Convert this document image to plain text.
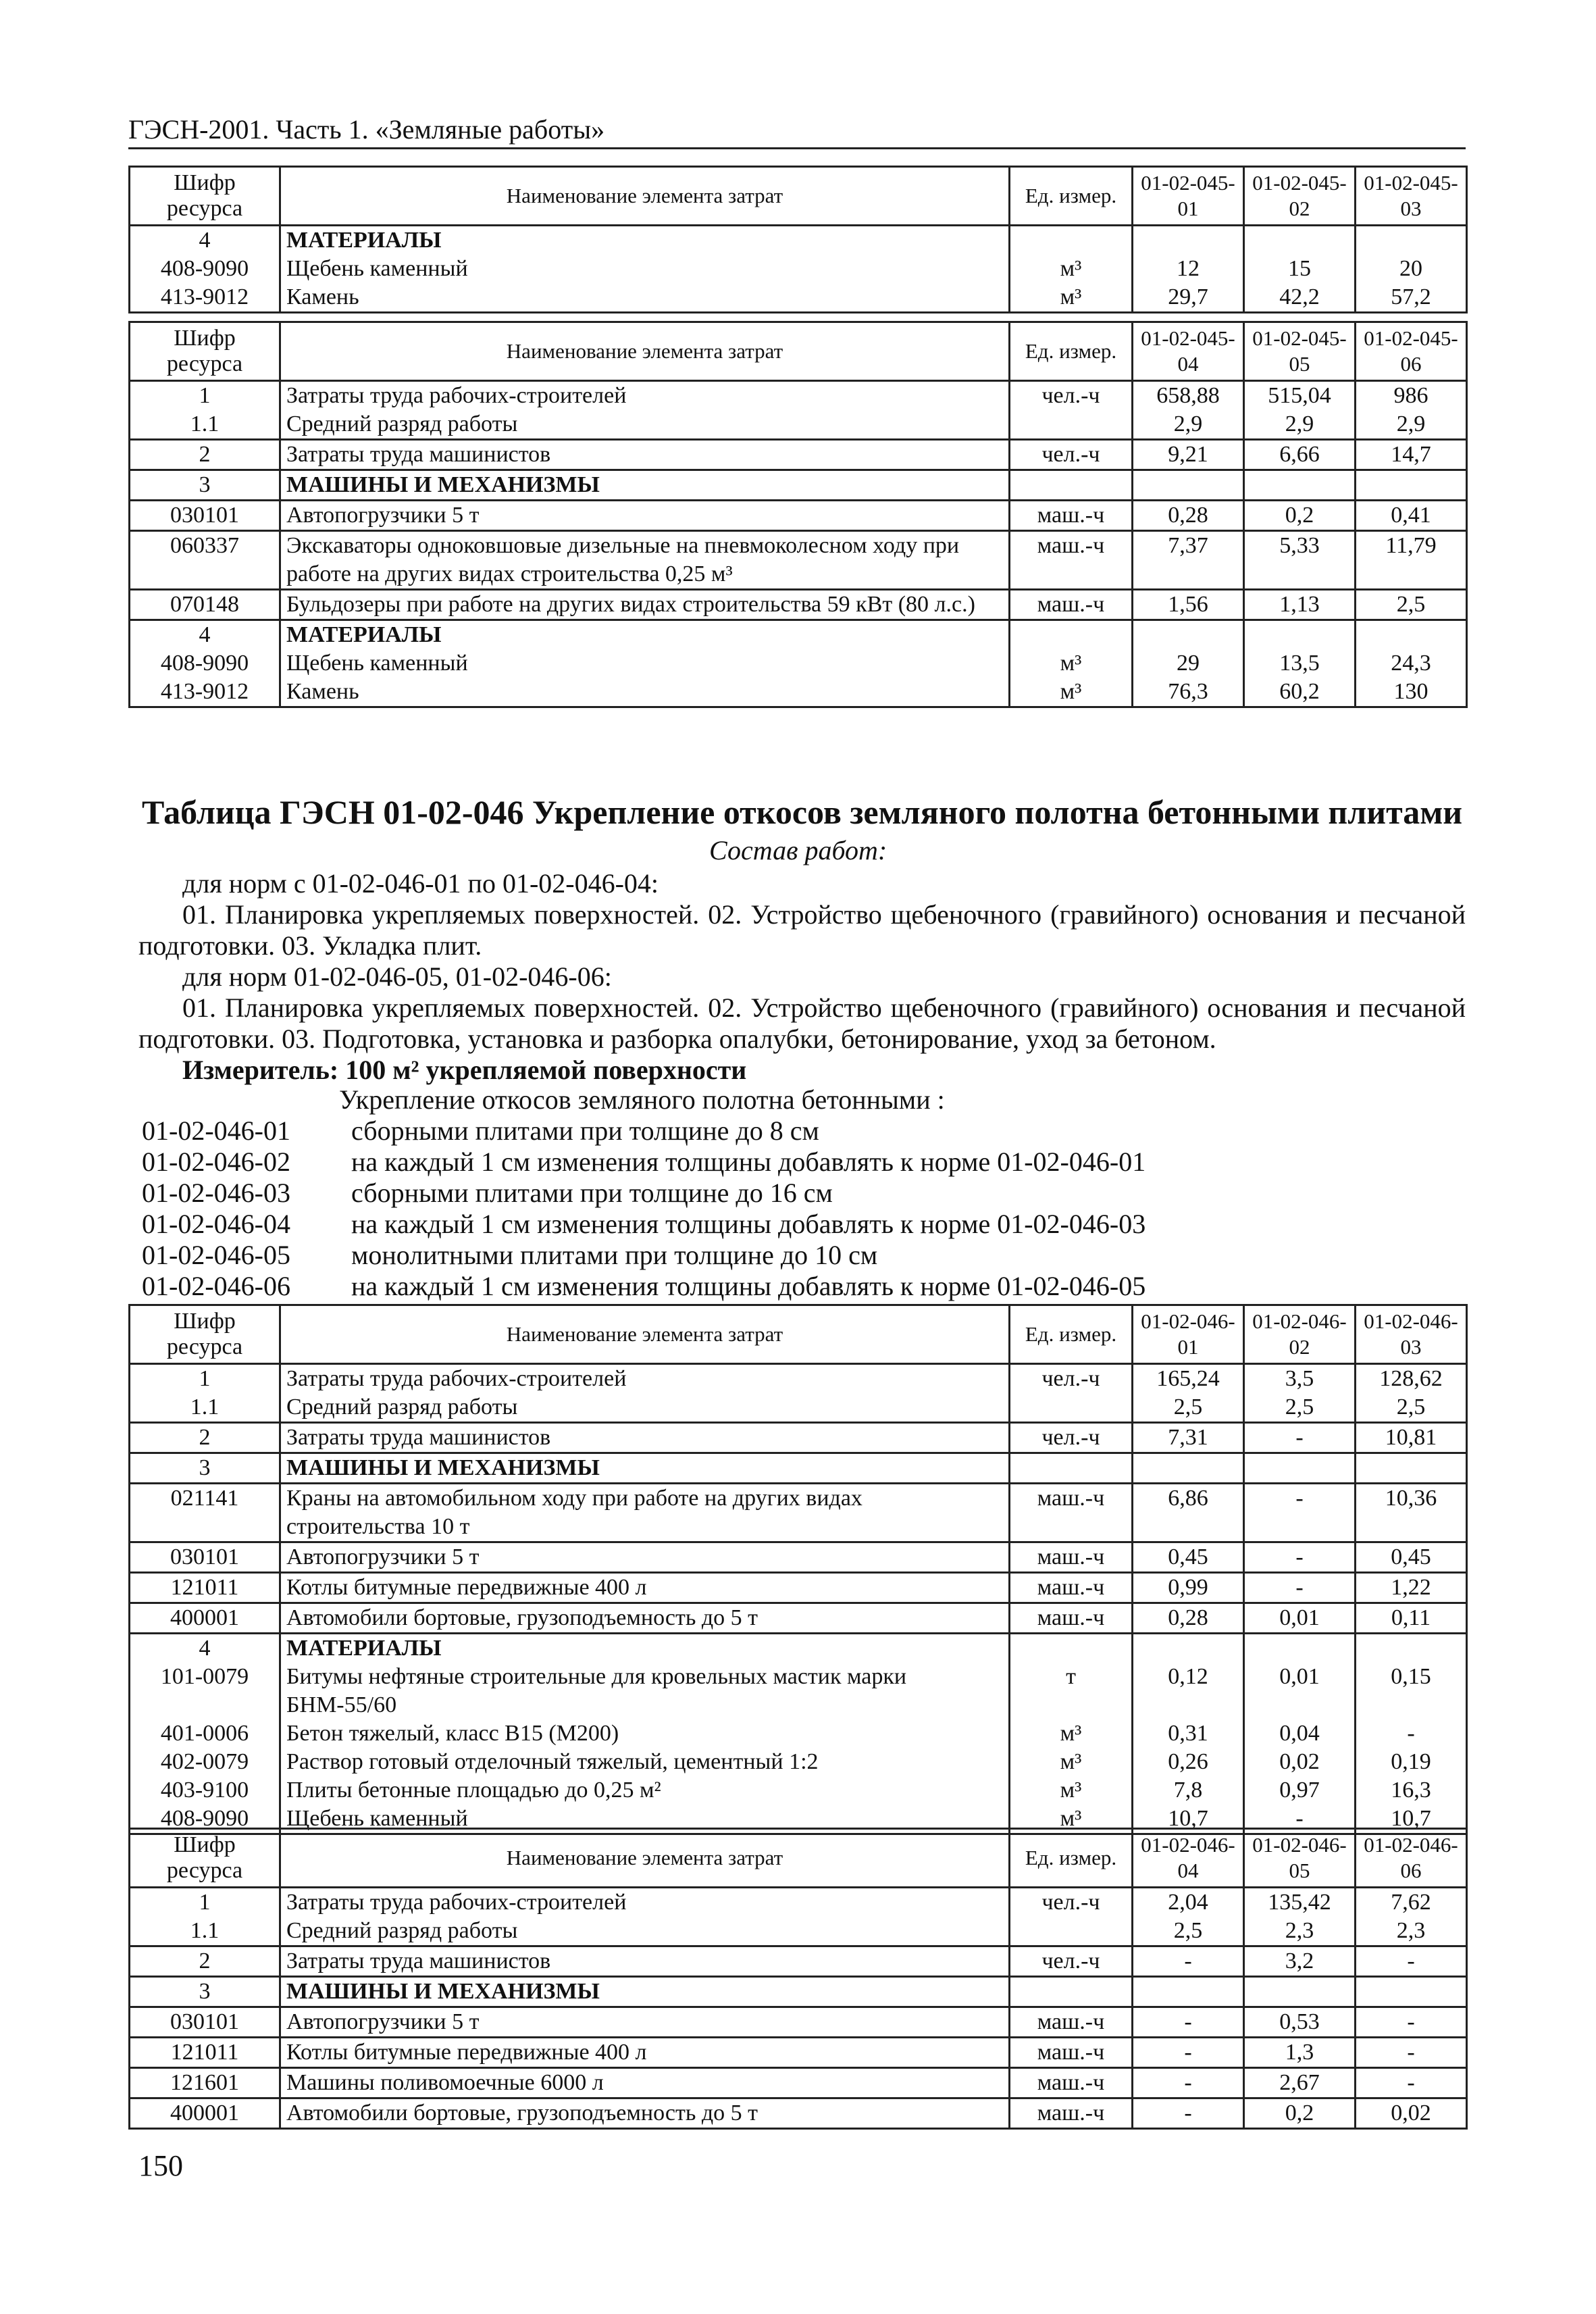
ГЭСН-2001. Часть 1. «Земляные работы»
Шифр ресурса	Наименование элемента затрат	Ед. измер.	01-02-045-01	01-02-045-02	01-02-045-03
4	МАТЕРИАЛЫ				
408-9090	Щебень каменный	м³	12	15	20
413-9012	Камень	м³	29,7	42,2	57,2
Шифр ресурса	Наименование элемента затрат	Ед. измер.	01-02-045-04	01-02-045-05	01-02-045-06
1	Затраты труда рабочих-строителей	чел.-ч	658,88	515,04	986
1.1	Средний разряд работы		2,9	2,9	2,9
2	Затраты труда машинистов	чел.-ч	9,21	6,66	14,7
3	МАШИНЫ И МЕХАНИЗМЫ				
030101	Автопогрузчики 5 т	маш.-ч	0,28	0,2	0,41
060337	Экскаваторы одноковшовые дизельные на пневмоколесном ходу при работе на других видах строительства 0,25 м³	маш.-ч	7,37	5,33	11,79
070148	Бульдозеры при работе на других видах строительства 59 кВт (80 л.с.)	маш.-ч	1,56	1,13	2,5
4	МАТЕРИАЛЫ				
408-9090	Щебень каменный	м³	29	13,5	24,3
413-9012	Камень	м³	76,3	60,2	130
Таблица ГЭСН 01-02-046 Укрепление откосов земляного полотна бетонными плитами
Состав работ:
для норм с 01-02-046-01 по 01-02-046-04:
01. Планировка укрепляемых поверхностей. 02. Устройство щебеночного (гравийного) основания и песчаной подготовки. 03. Укладка плит.
для норм 01-02-046-05, 01-02-046-06:
01. Планировка укрепляемых поверхностей. 02. Устройство щебеночного (гравийного) основания и песчаной подготовки. 03. Подготовка, установка и разборка опалубки, бетонирование, уход за бетоном.
Измеритель: 100 м² укрепляемой поверхности
Укрепление откосов земляного полотна бетонными :
01-02-046-01	сборными плитами при толщине до 8 см
01-02-046-02	на каждый 1 см изменения толщины добавлять к норме 01-02-046-01
01-02-046-03	сборными плитами при толщине до 16 см
01-02-046-04	на каждый 1 см изменения толщины добавлять к норме 01-02-046-03
01-02-046-05	монолитными плитами при толщине до 10 см
01-02-046-06	на каждый 1 см изменения толщины добавлять к норме 01-02-046-05
Шифр ресурса	Наименование элемента затрат	Ед. измер.	01-02-046-01	01-02-046-02	01-02-046-03
1	Затраты труда рабочих-строителей	чел.-ч	165,24	3,5	128,62
1.1	Средний разряд работы		2,5	2,5	2,5
2	Затраты труда машинистов	чел.-ч	7,31	-	10,81
3	МАШИНЫ И МЕХАНИЗМЫ				
021141	Краны на автомобильном ходу при работе на других видах строительства 10 т	маш.-ч	6,86	-	10,36
030101	Автопогрузчики 5 т	маш.-ч	0,45	-	0,45
121011	Котлы битумные передвижные 400 л	маш.-ч	0,99	-	1,22
400001	Автомобили бортовые, грузоподъемность до 5 т	маш.-ч	0,28	0,01	0,11
4	МАТЕРИАЛЫ				
101-0079	Битумы нефтяные строительные для кровельных мастик марки БНМ-55/60	т	0,12	0,01	0,15
401-0006	Бетон тяжелый, класс В15 (М200)	м³	0,31	0,04	-
402-0079	Раствор готовый отделочный тяжелый, цементный 1:2	м³	0,26	0,02	0,19
403-9100	Плиты бетонные площадью до 0,25 м²	м³	7,8	0,97	16,3
408-9090	Щебень каменный	м³	10,7	-	10,7
Шифр ресурса	Наименование элемента затрат	Ед. измер.	01-02-046-04	01-02-046-05	01-02-046-06
1	Затраты труда рабочих-строителей	чел.-ч	2,04	135,42	7,62
1.1	Средний разряд работы		2,5	2,3	2,3
2	Затраты труда машинистов	чел.-ч	-	3,2	-
3	МАШИНЫ И МЕХАНИЗМЫ				
030101	Автопогрузчики 5 т	маш.-ч	-	0,53	-
121011	Котлы битумные передвижные 400 л	маш.-ч	-	1,3	-
121601	Машины поливомоечные 6000 л	маш.-ч	-	2,67	-
400001	Автомобили бортовые, грузоподъемность до 5 т	маш.-ч	-	0,2	0,02
150
